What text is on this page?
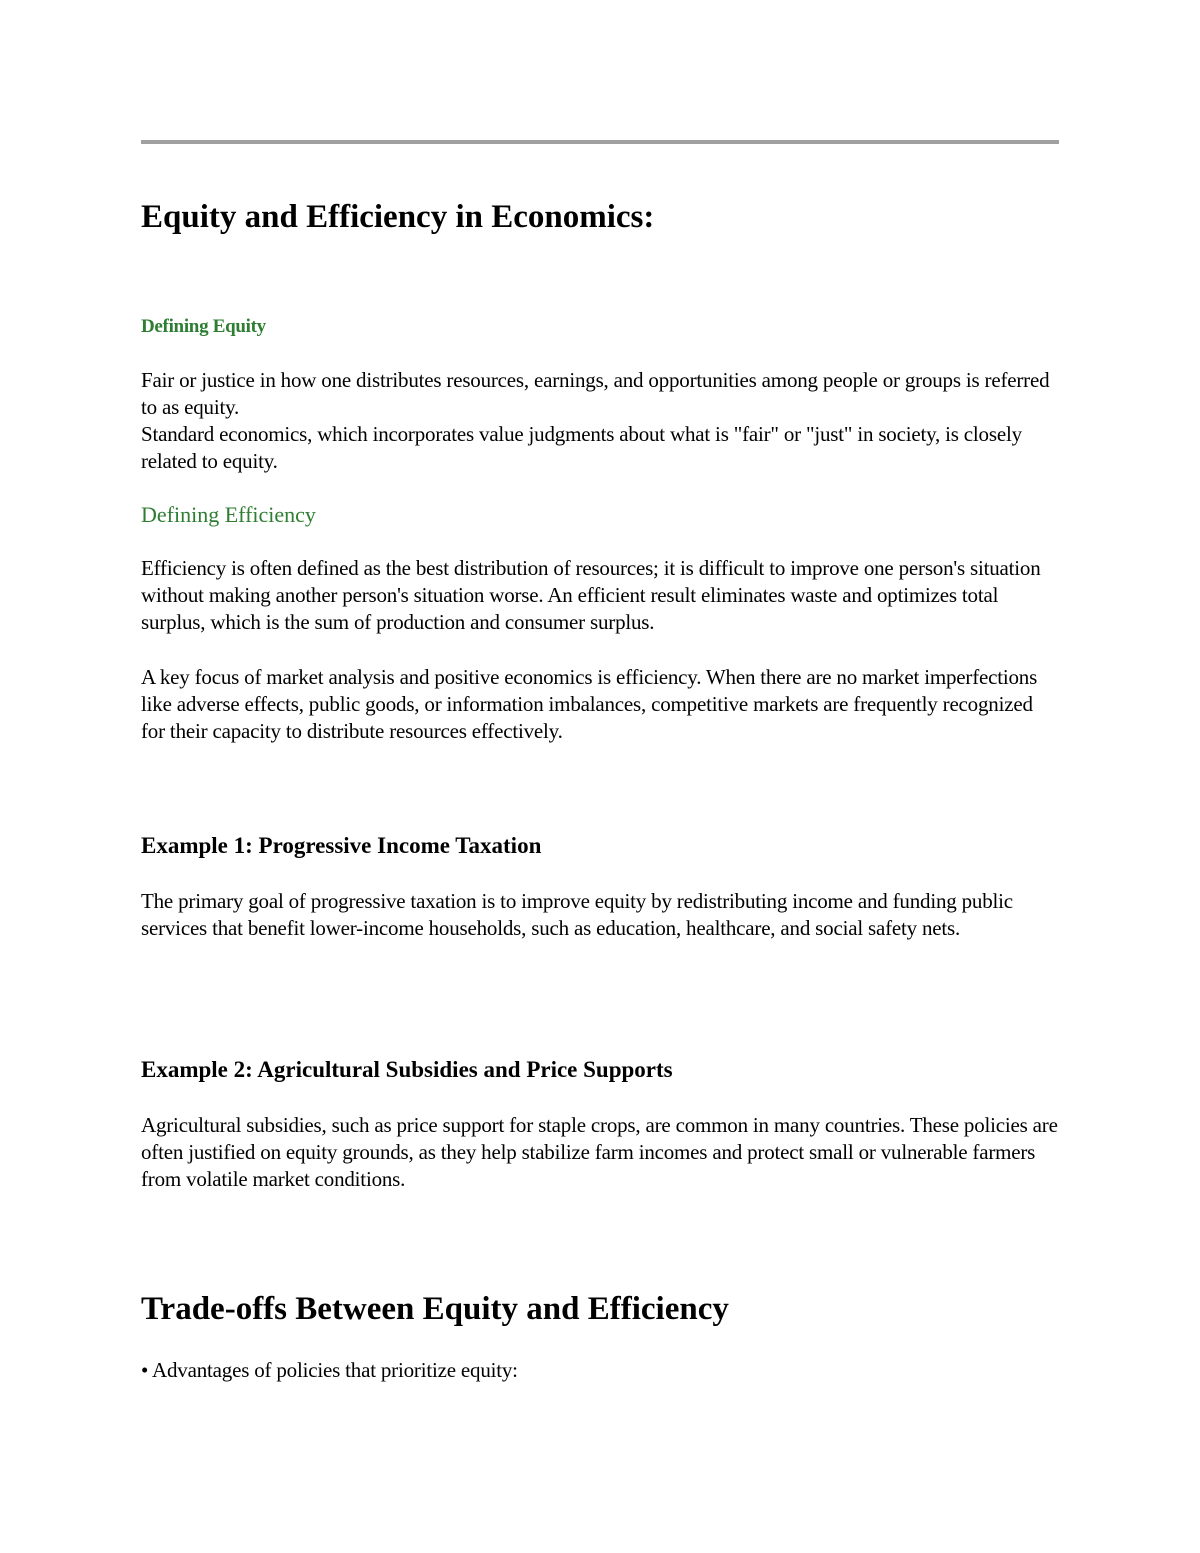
Equity and Efficiency in Economics:
Defining Equity

Fair or justice in how one distributes resources, earnings, and opportunities among people or groups is referred to as equity.

Standard economics, which incorporates value judgments about what is "fair" or "just" in society, is closely related to equity.

Defining Efficiency

Efficiency is often defined as the best distribution of resources; it is difficult to improve one person's situation without making another person's situation worse. An efficient result eliminates waste and optimizes total surplus, which is the sum of production and consumer surplus.

A key focus of market analysis and positive economics is efficiency. When there are no market imperfections like adverse effects, public goods, or information imbalances, competitive markets are frequently recognized for their capacity to distribute resources effectively.

Example 1: Progressive Income Taxation

The primary goal of progressive taxation is to improve equity by redistributing income and funding public services that benefit lower-income households, such as education, healthcare, and social safety nets.

Example 2: Agricultural Subsidies and Price Supports

Agricultural subsidies, such as price support for staple crops, are common in many countries. These policies are often justified on equity grounds, as they help stabilize farm incomes and protect small or vulnerable farmers from volatile market conditions.

Trade-offs Between Equity and Efficiency

• Advantages of policies that prioritize equity:
